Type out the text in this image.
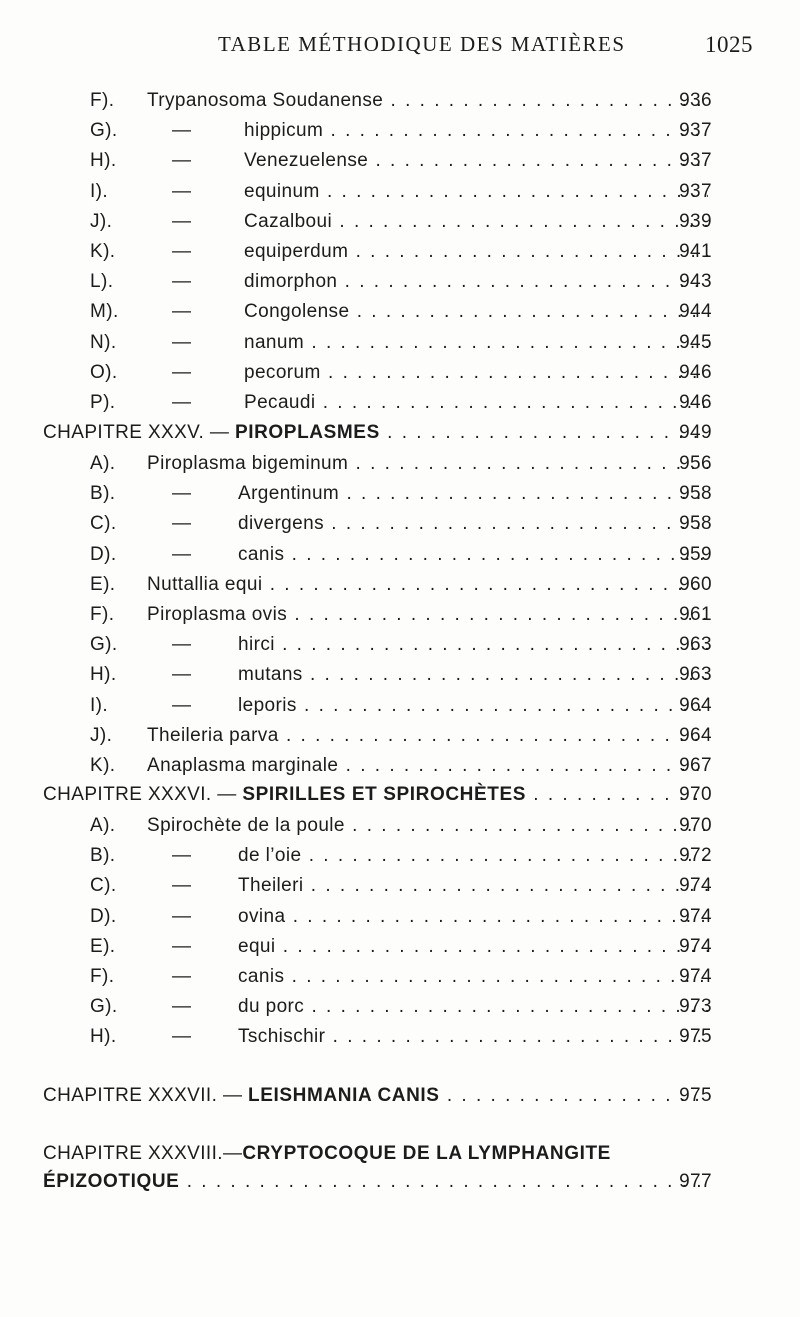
TABLE MÉTHODIQUE DES MATIÈRES	1025
F). Trypanosoma Soudanense . . .	936
G).	—	hippicum . . .	937
H).	—	Venezuelense . . .	937
I).	—	equinum . . .	937
J).	—	Cazalboui . . .	939
K).	—	equiperdum . . .	941
L).	—	dimorphon . . .	943
M).	—	Congolense . . .	944
N).	—	nanum . . .	945
O).	—	pecorum . . .	946
P).	—	Pecaudi . . .	946
CHAPITRE XXXV. — PIROPLASMES . . .	949
A). Piroplasma bigeminum . . .	956
B).	— Argentinum . . .	958
C).	— divergens . . .	958
D).	— canis . . .	959
E). Nuttallia equi . . .	960
F). Piroplasma ovis . . .	961
G).	— hirci . . .	963
H).	— mutans . . .	963
I).	— leporis . . .	964
J). Theileria parva . . .	964
K). Anaplasma marginale . . .	967
CHAPITRE XXXVI. — SPIRILLES ET SPIROCHÈTES . . .	970
A). Spirochète de la poule . . .	970
B).	— de l’oie . . .	972
C).	— Theileri . . .	974
D).	— ovina . . .	974
E).	— equi . . .	974
F).	— canis . . .	974
G).	— du porc . . .	973
H).	— Tschischir . . .	975
CHAPITRE XXXVII. — LEISHMANIA CANIS . . .	975
CHAPITRE XXXVIII.—CRYPTOCOQUE DE LA LYMPHANGITE
ÉPIZOOTIQUE . . .	977
